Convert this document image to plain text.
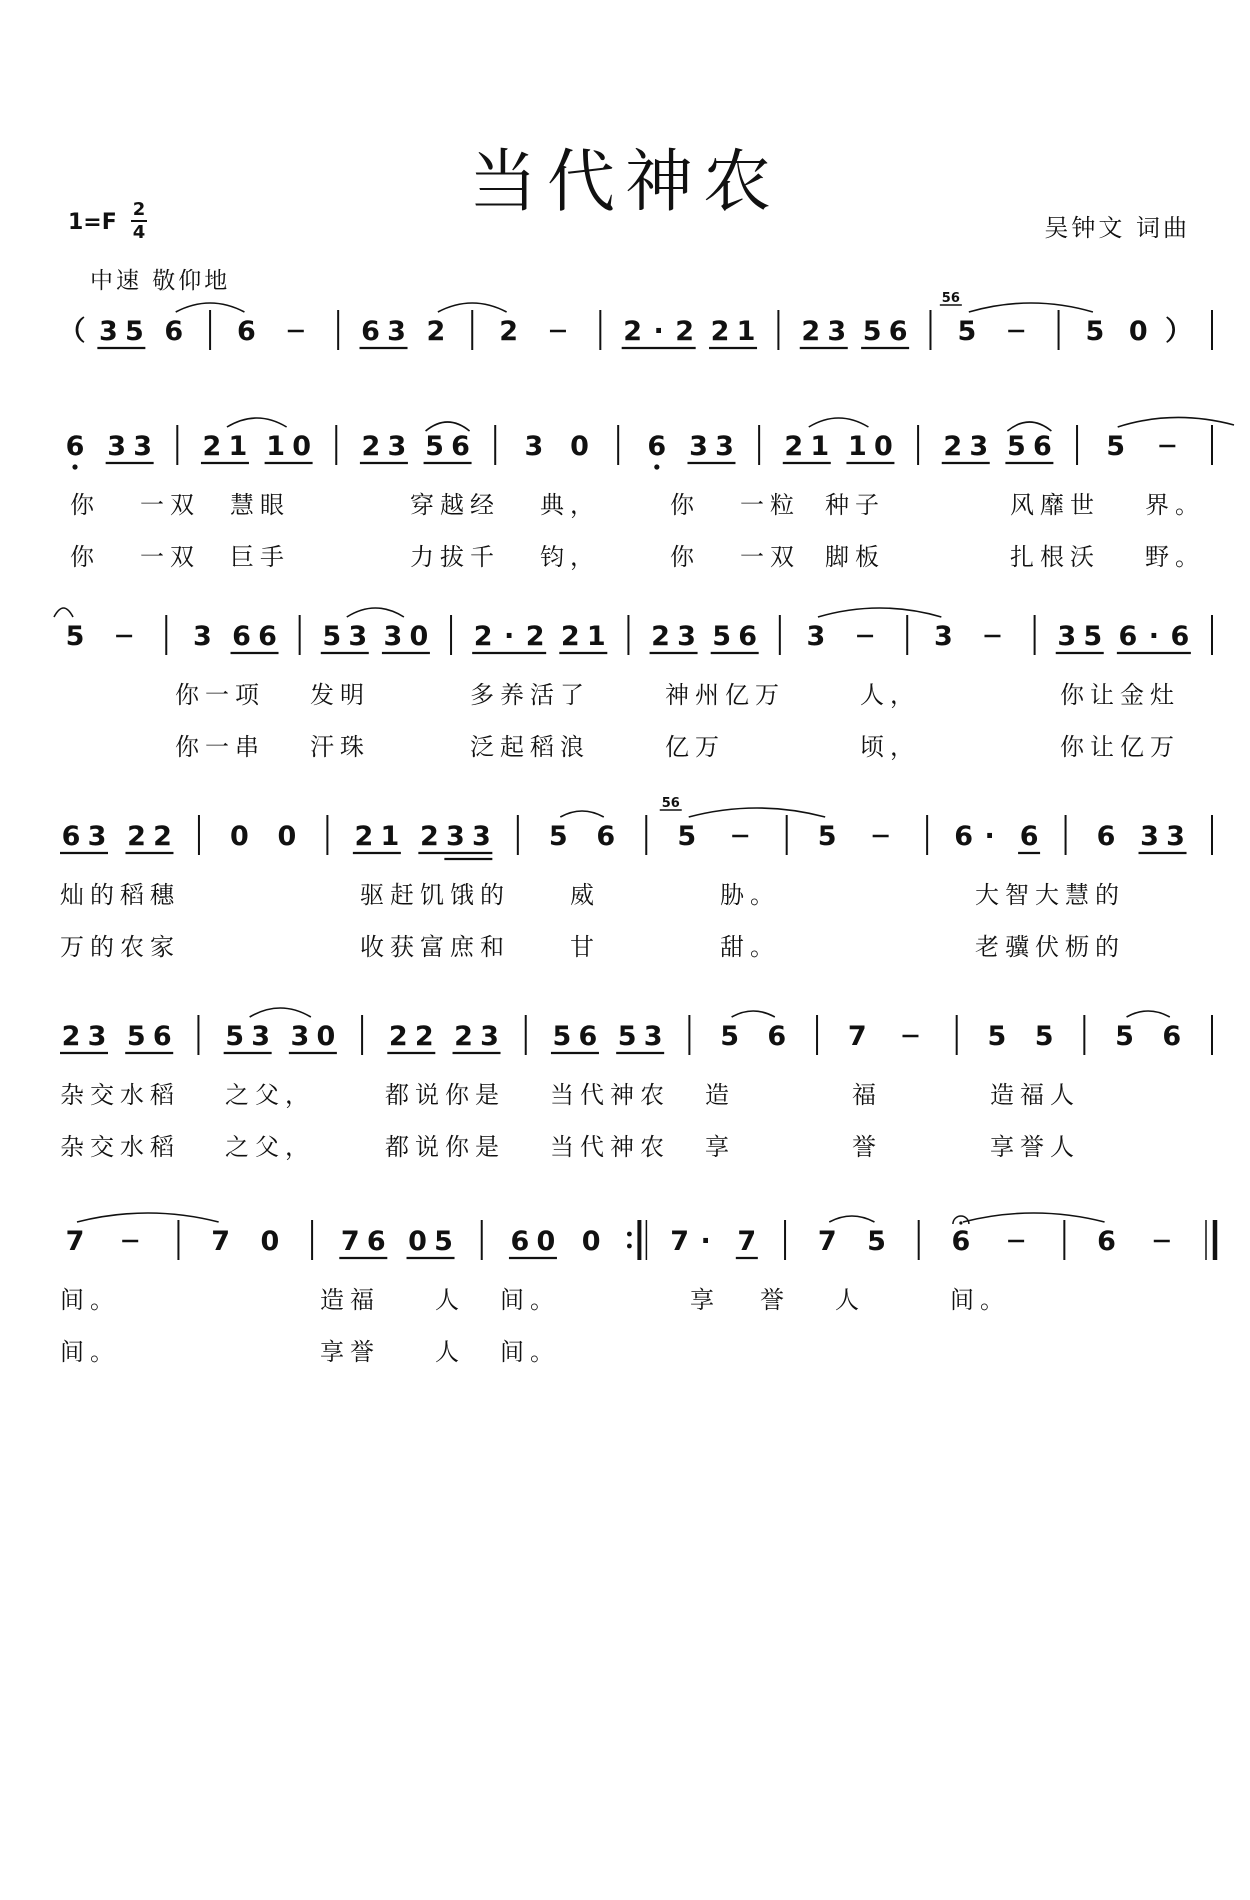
当代神农
1=F
2
4	吴钟文 词曲
中速 敬仰地
（ 3 5 6 6	6 3 2 2	2 · 2 2 1 2 3 5 6 5
56
5 0 ）
6 3 3 2 1 1 0 2 3 5 6 3 0 6 3 3 2 1 1 0 2 3 5 6 5
你 一双 慧眼	穿越经 典，	你 一粒 种子	风靡世 界。
你 一双 巨手	力拔千 钧，	你 一双 脚板	扎根沃 野。
5	3 6 6 5 3 3 0 2 · 2 2 1 2 3 5 6 3	3	3 5 6 · 6
你一项 发明	多养活了	神州亿万	人，	你让金灶
你一串 汗珠	泛起稻浪	亿万	顷，	你让亿万
6 3 2 2 0 0 2 1 2 3 3 5 6 5
56
5	6 · 6 6 3 3
灿的稻穗	驱赶饥饿的	威	胁。	大智大慧的
万的农家	收获富庶和	甘	甜。	老骥伏枥的
2 3 5 6 5 3 3 0 2 2 2 3 5 6 5 3 5 6 7	5 5 5 6
杂交水稻 之父，	都说你是 当代神农 造	福	造福人
杂交水稻 之父，	都说你是 当代神农 享	誉	享誉人
7	7 0 7 6 0 5 6 0 0	7 · 7 7 5 6	6
间。	造福 人 间。	享 誉 人	间。
间。	享誉 人 间。
